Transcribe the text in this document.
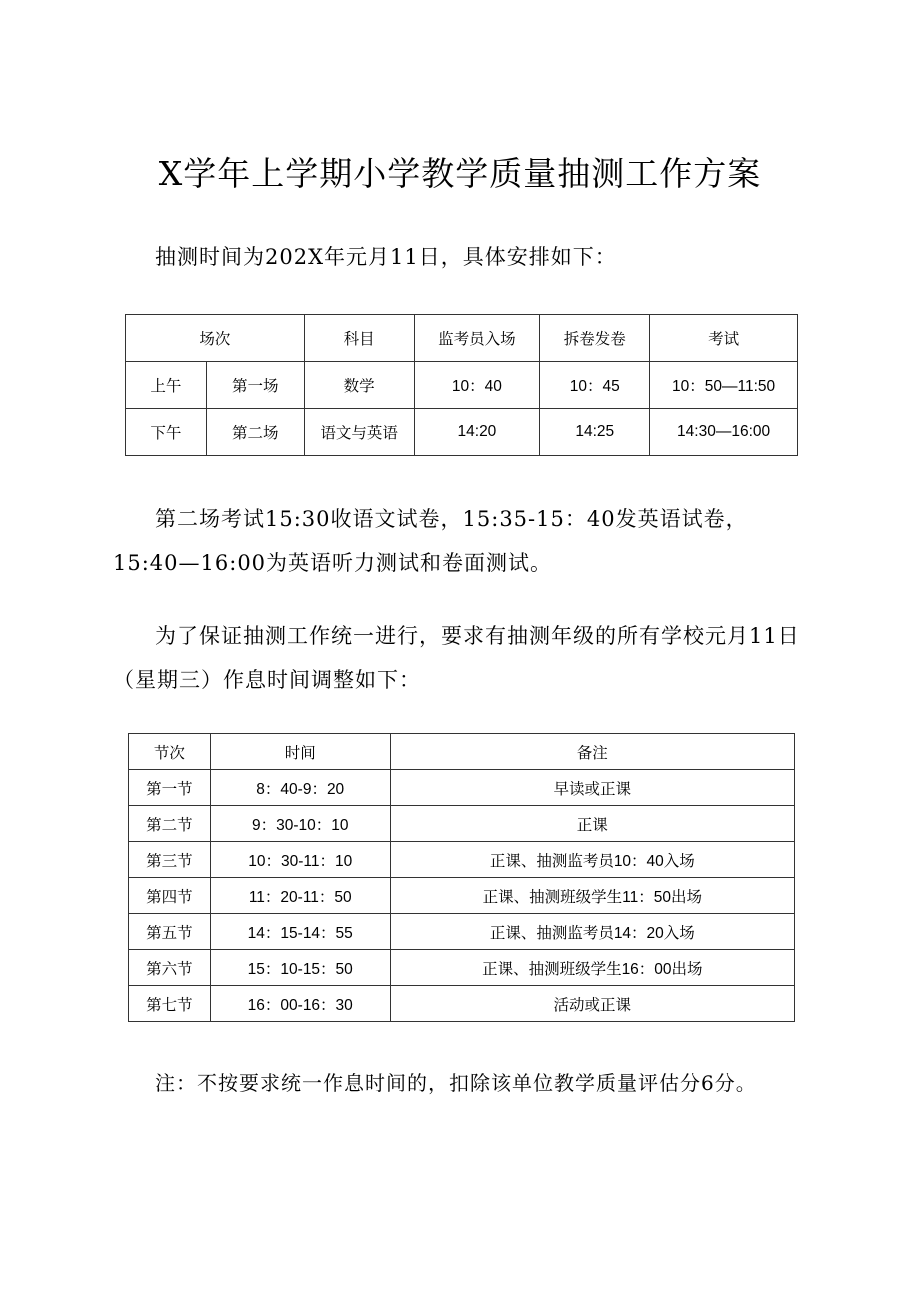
X学年上学期小学教学质量抽测工作方案
抽测时间为202X年元月11日，具体安排如下：
场次		科目	监考员入场	拆卷发卷	考试
上午	第一场	数学	10：40	10：45	10：50—11:50
下午	第二场	语文与英语	14:20	14:25	14:30—16:00
第二场考试15:30收语文试卷，15:35-15：40发英语试卷，15:40—16:00为英语听力测试和卷面测试。
为了保证抽测工作统一进行，要求有抽测年级的所有学校元月11日（星期三）作息时间调整如下：
节次	时间	备注
第一节	8：40-9：20	早读或正课
第二节	9：30-10：10	正课
第三节	10：30-11：10	正课、抽测监考员10：40入场
第四节	11：20-11：50	正课、抽测班级学生11：50出场
第五节	14：15-14：55	正课、抽测监考员14：20入场
第六节	15：10-15：50	正课、抽测班级学生16：00出场
第七节	16：00-16：30	活动或正课
注：不按要求统一作息时间的，扣除该单位教学质量评估分6分。
